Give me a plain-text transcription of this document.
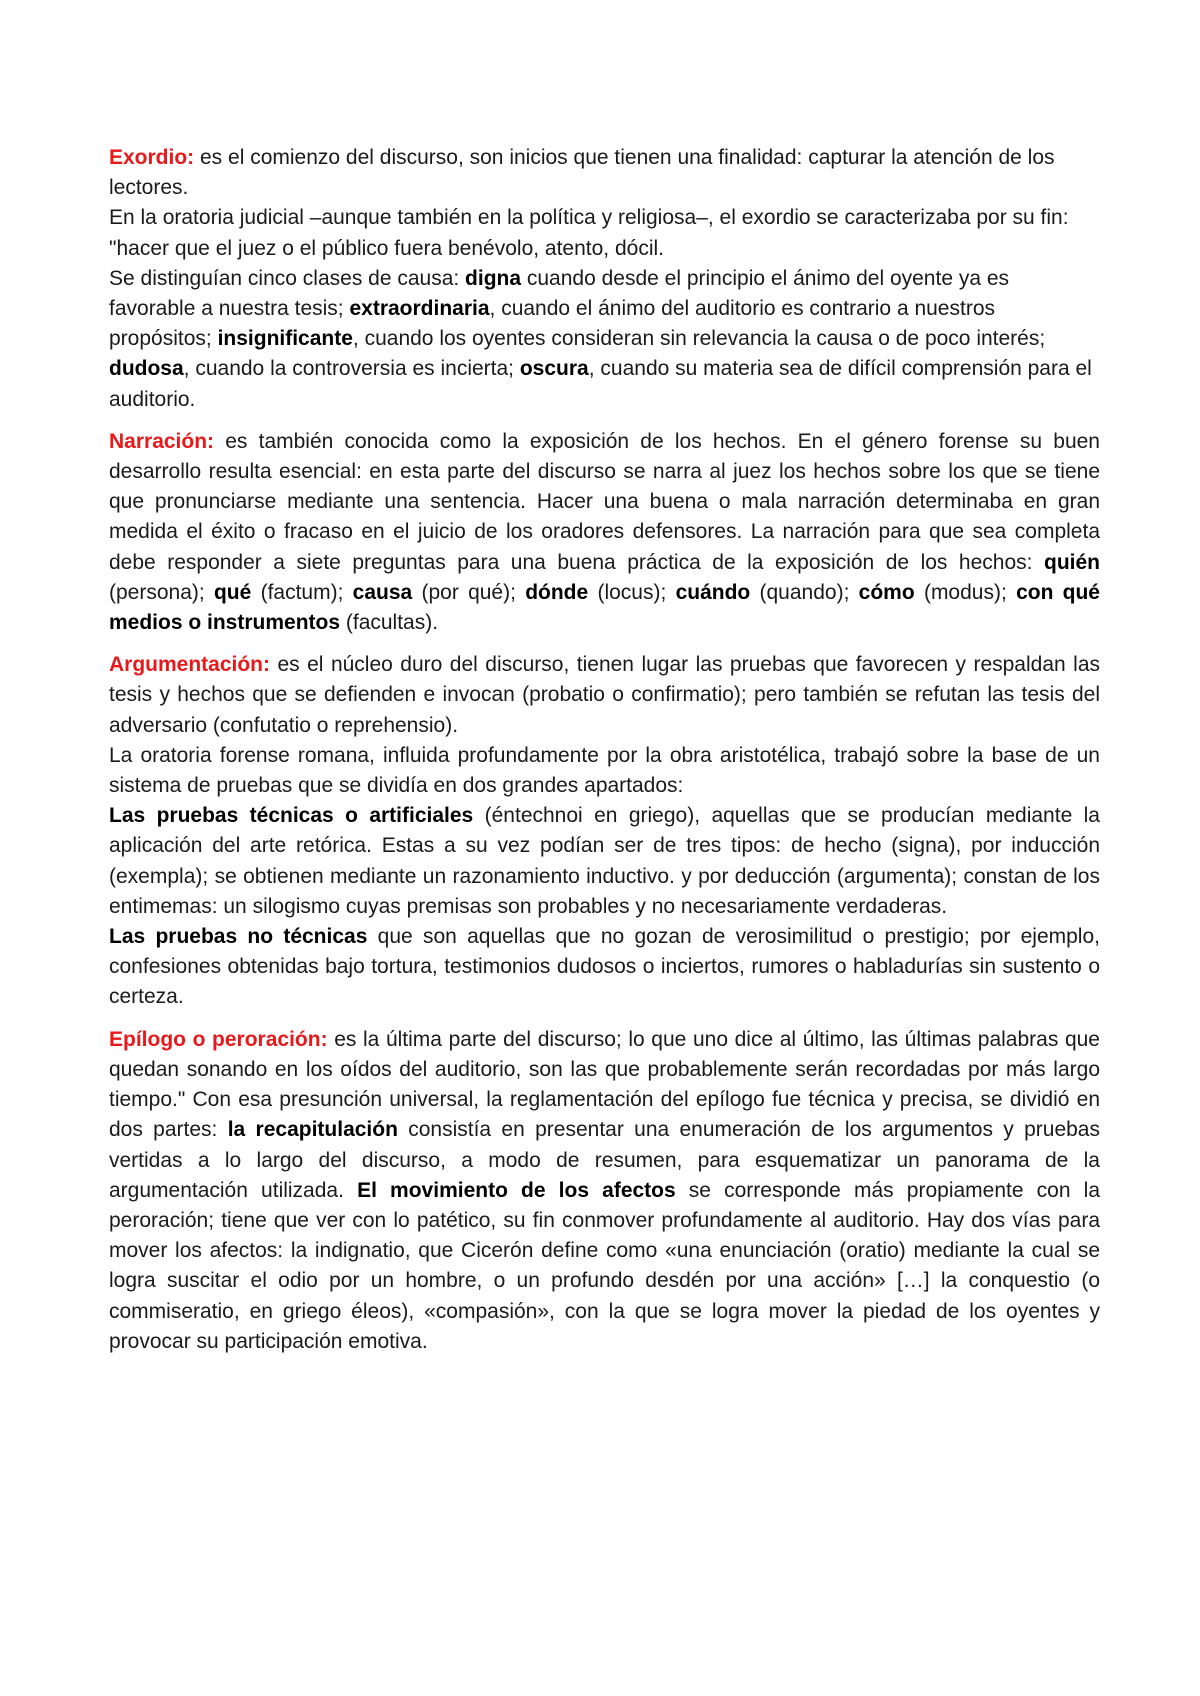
Exordio: es el comienzo del discurso, son inicios que tienen una finalidad: capturar la atención de los lectores.
En la oratoria judicial –aunque también en la política y religiosa–, el exordio se caracterizaba por su fin: "hacer que el juez o el público fuera benévolo, atento, dócil.
Se distinguían cinco clases de causa: digna cuando desde el principio el ánimo del oyente ya es favorable a nuestra tesis; extraordinaria, cuando el ánimo del auditorio es contrario a nuestros propósitos; insignificante, cuando los oyentes consideran sin relevancia la causa o de poco interés; dudosa, cuando la controversia es incierta; oscura, cuando su materia sea de difícil comprensión para el auditorio.

Narración: es también conocida como la exposición de los hechos. En el género forense su buen desarrollo resulta esencial: en esta parte del discurso se narra al juez los hechos sobre los que se tiene que pronunciarse mediante una sentencia. Hacer una buena o mala narración determinaba en gran medida el éxito o fracaso en el juicio de los oradores defensores. La narración para que sea completa debe responder a siete preguntas para una buena práctica de la exposición de los hechos: quién (persona); qué (factum); causa (por qué); dónde (locus); cuándo (quando); cómo (modus); con qué medios o instrumentos (facultas).

Argumentación: es el núcleo duro del discurso, tienen lugar las pruebas que favorecen y respaldan las tesis y hechos que se defienden e invocan (probatio o confirmatio); pero también se refutan las tesis del adversario (confutatio o reprehensio).
La oratoria forense romana, influida profundamente por la obra aristotélica, trabajó sobre la base de un sistema de pruebas que se dividía en dos grandes apartados:
Las pruebas técnicas o artificiales (éntechnoi en griego), aquellas que se producían mediante la aplicación del arte retórica. Estas a su vez podían ser de tres tipos: de hecho (signa), por inducción (exempla); se obtienen mediante un razonamiento inductivo. y por deducción (argumenta); constan de los entimemas: un silogismo cuyas premisas son probables y no necesariamente verdaderas.
Las pruebas no técnicas que son aquellas que no gozan de verosimilitud o prestigio; por ejemplo, confesiones obtenidas bajo tortura, testimonios dudosos o inciertos, rumores o habladurías sin sustento o certeza.

Epílogo o peroración: es la última parte del discurso; lo que uno dice al último, las últimas palabras que quedan sonando en los oídos del auditorio, son las que probablemente serán recordadas por más largo tiempo." Con esa presunción universal, la reglamentación del epílogo fue técnica y precisa, se dividió en dos partes: la recapitulación consistía en presentar una enumeración de los argumentos y pruebas vertidas a lo largo del discurso, a modo de resumen, para esquematizar un panorama de la argumentación utilizada. El movimiento de los afectos se corresponde más propiamente con la peroración; tiene que ver con lo patético, su fin conmover profundamente al auditorio. Hay dos vías para mover los afectos: la indignatio, que Cicerón define como «una enunciación (oratio) mediante la cual se logra suscitar el odio por un hombre, o un profundo desdén por una acción» […] la conquestio (o commiseratio, en griego éleos), «compasión», con la que se logra mover la piedad de los oyentes y provocar su participación emotiva.
